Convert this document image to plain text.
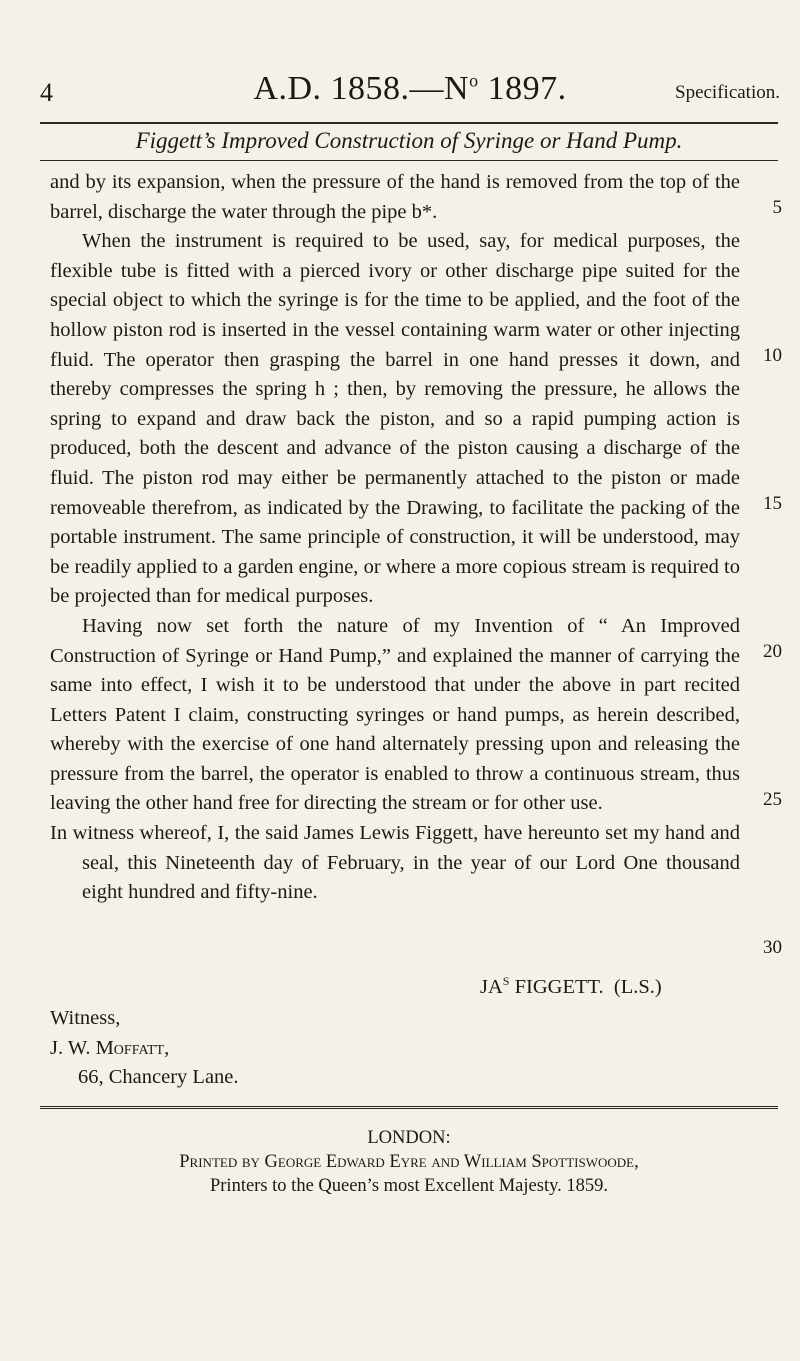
4	A.D. $1858.—N^o$ 1897.	Specification.
Figgett’s Improved Construction of Syringe or Hand Pump.

and by its expansion, when the pressure of the hand is removed from the top of the barrel, discharge the water through the pipe b*.

When the instrument is required to be used, say, for medical purposes, the flexible tube is fitted with a pierced ivory or other discharge pipe suited for the special object to which the syringe is for the time to be applied, and the foot of the hollow piston rod is inserted in the vessel containing warm water or other injecting fluid. The operator then grasping the barrel in one hand presses it down, and thereby compresses the spring h ; then, by removing the pressure, he allows the spring to expand and draw back the piston, and so a rapid pumping action is produced, both the descent and advance of the piston causing a discharge of the fluid. The piston rod may either be permanently attached to the piston or made removeable therefrom, as indicated by the Drawing, to facilitate the packing of the portable instrument. The same principle of construction, it will be understood, may be readily applied to a garden engine, or where a more copious stream is required to be projected than for medical purposes.

Having now set forth the nature of my Invention of “ An Improved Construction of Syringe or Hand Pump,” and explained the manner of carrying the same into effect, I wish it to be understood that under the above in part recited Letters Patent I claim, constructing syringes or hand pumps, as herein described, whereby with the exercise of one hand alternately pressing upon and releasing the pressure from the barrel, the operator is enabled to throw a continuous stream, thus leaving the other hand free for directing the stream or for other use.

In witness whereof, I, the said James Lewis Figgett, have hereunto set my hand and seal, this Nineteenth day of February, in the year of our Lord One thousand eight hundred and fifty-nine.

5
10
15
20
25
30
$JA^S$ FIGGETT. (L.S.)
Witness,
J. W. Moffatt,
66, Chancery Lane.
LONDON:
Printed by George Edward Eyre and William Spottiswoode,
Printers to the Queen’s most Excellent Majesty. 1859.
